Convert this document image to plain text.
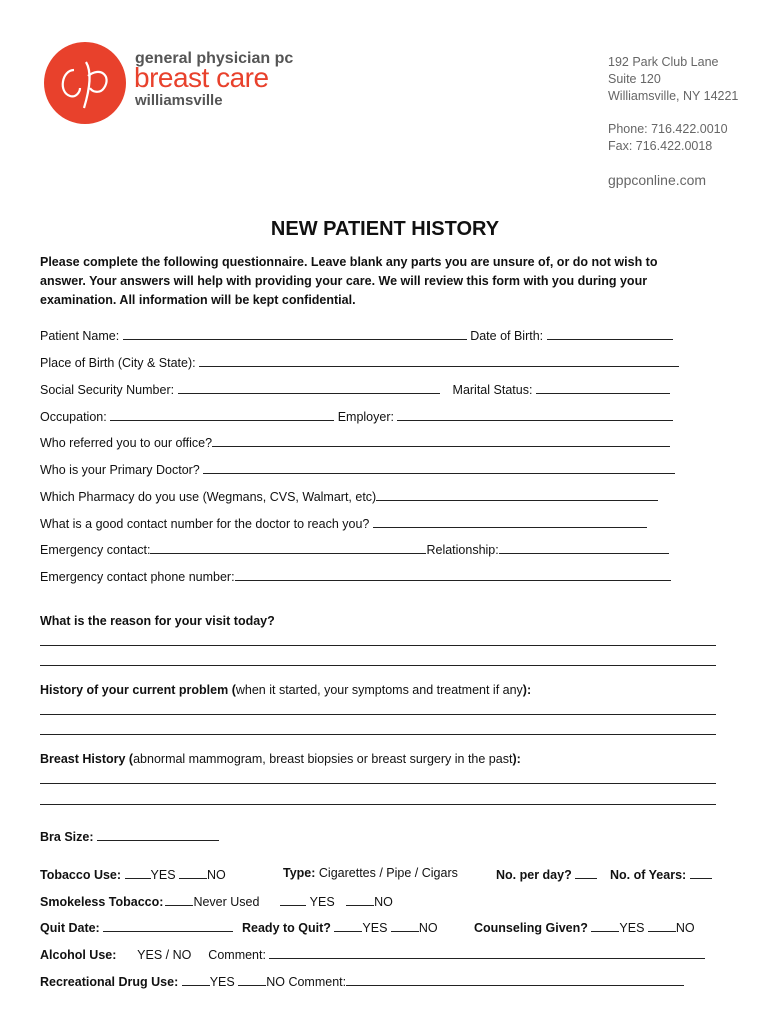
general physician pc
breast care
williamsville
192 Park Club Lane
Suite 120
Williamsville, NY 14221
Phone: 716.422.0010
Fax: 716.422.0018
gppconline.com
NEW PATIENT HISTORY
Please complete the following questionnaire. Leave blank any parts you are unsure of, or do not wish to
answer. Your answers will help with providing your care. We will review this form with you during your
examination. All information will be kept confidential.
Patient Name:	Date of Birth:
Place of Birth (City & State):
Social Security Number:	Marital Status:
Occupation:	Employer:
Who referred you to our office?
Who is your Primary Doctor?
Which Pharmacy do you use (Wegmans, CVS, Walmart, etc)
What is a good contact number for the doctor to reach you?
Emergency contact:	Relationship:
Emergency contact phone number:
What is the reason for your visit today?
History of your current problem (when it started, your symptoms and treatment if any):
Breast History (abnormal mammogram, breast biopsies or breast surgery in the past):
Bra Size:
Tobacco Use: YES	NO	Type: Cigarettes / Pipe / Cigars	No. per day?	No. of Years:
Smokeless Tobacco: Never Used	YES	NO
Quit Date:	Ready to Quit?	YES	NO	Counseling Given?	YES	NO
Alcohol Use: YES / NO Comment:
Recreational Drug Use:	YES	NO Comment:
